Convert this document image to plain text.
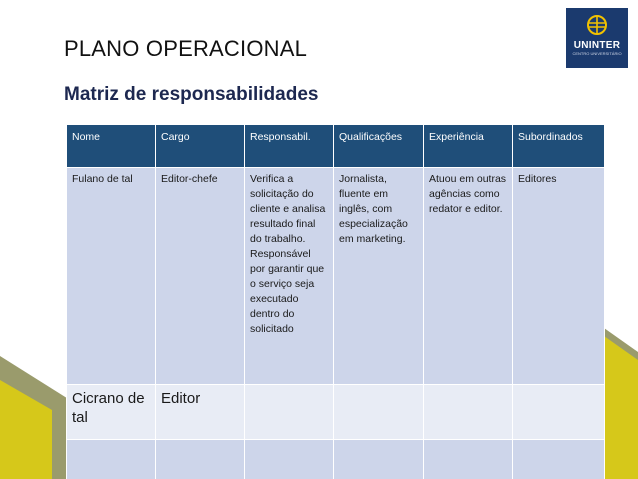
PLANO OPERACIONAL
Matriz de responsabilidades
UNINTER
CENTRO UNIVERSITÁRIO
Nome	Cargo	Responsabil.	Qualificações	Experiência	Subordinados
Fulano de tal	Editor-chefe	Verifica a solicitação do cliente e analisa resultado final do trabalho. Responsável por garantir que o serviço seja executado dentro do solicitado	Jornalista, fluente em inglês, com especialização em marketing.	Atuou em outras agências como redator e editor.	Editores
Cicrano de tal	Editor				
